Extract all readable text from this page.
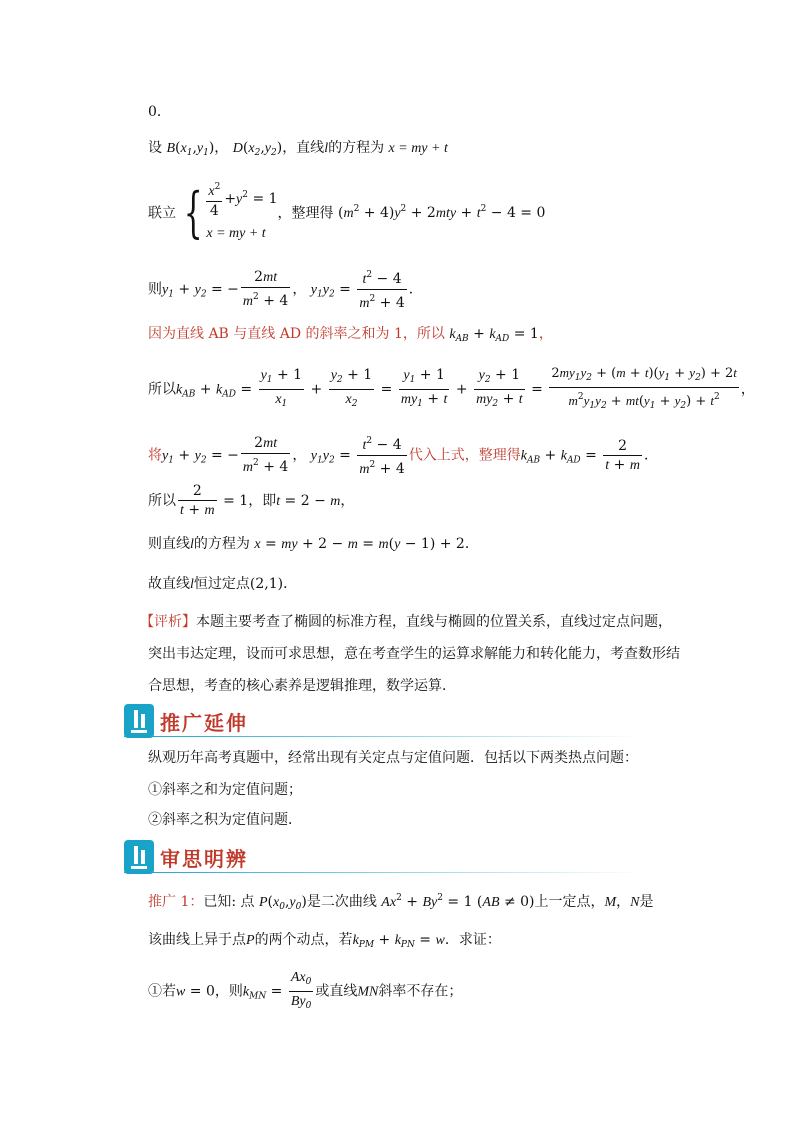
0．
设 $B(x_1,y_1)$， $D(x_2,y_2)$，直线l的方程为 x = my + t
联立 { $\frac{x^2}{4} +y^2 = 1$
x = my + t
，整理得 $(m^2 + 4)y^2 + 2mty + t^2 - 4 = 0$
则$y_1 + y_2$ = − $\frac{2mt}{m^2 + 4}$ ， $y_1y_2 = \frac{t^2 - 4}{m^2 + 4}$ ．
因为直线 AB 与直线 AD 的斜率之和为 1，所以 $k_{AB} + k_{AD} = 1$，
所以$k_{AB} + k_{AD} = \frac{y_1 + 1}{x_1} + \frac{y_2 + 1}{x_2} = \frac{y_1 + 1}{my_1 + t} + \frac{y_2 + 1}{my_2 + t} = \frac{2my_1y_2 + (m + t)(y_1 + y_2) + 2t}{m^2y_1y_2 + mt(y_1 + y_2) + t^2}$ ，
将$y_1 + y_2$ = − $\frac{2mt}{m^2 + 4}$ ， $y_1y_2 = \frac{t^2 - 4}{m^2 + 4}$ 代入上式，整理得$k_{AB} + k_{AD} = \frac{2}{t + m}$ ．
所以 $\frac{2}{t + m} = 1$，即t = 2 − m，
则直线l的方程为 x = my + 2 − m = m(y − 1) + 2．
故直线l恒过定点(2,1)．
【评析】本题主要考查了椭圆的标准方程，直线与椭圆的位置关系，直线过定点问题，
突出韦达定理，设而可求思想，意在考查学生的运算求解能力和转化能力，考查数形结
合思想，考查的核心素养是逻辑推理，数学运算．
推广延伸
纵观历年高考真题中，经常出现有关定点与定值问题．包括以下两类热点问题：
①斜率之和为定值问题；
②斜率之积为定值问题．
审思明辨
推广 1：已知: 点 $P(x_0,y_0)$是二次曲线 $Ax^2 + By^2 = 1$ (AB ≠ 0)上一定点，M，N是
该曲线上异于点P的两个动点，若$k_{PM} + k_{PN} = w$．求证：
①若w = 0，则$k_{MN} = \frac{Ax_0}{By_0}$ 或直线MN斜率不存在；
